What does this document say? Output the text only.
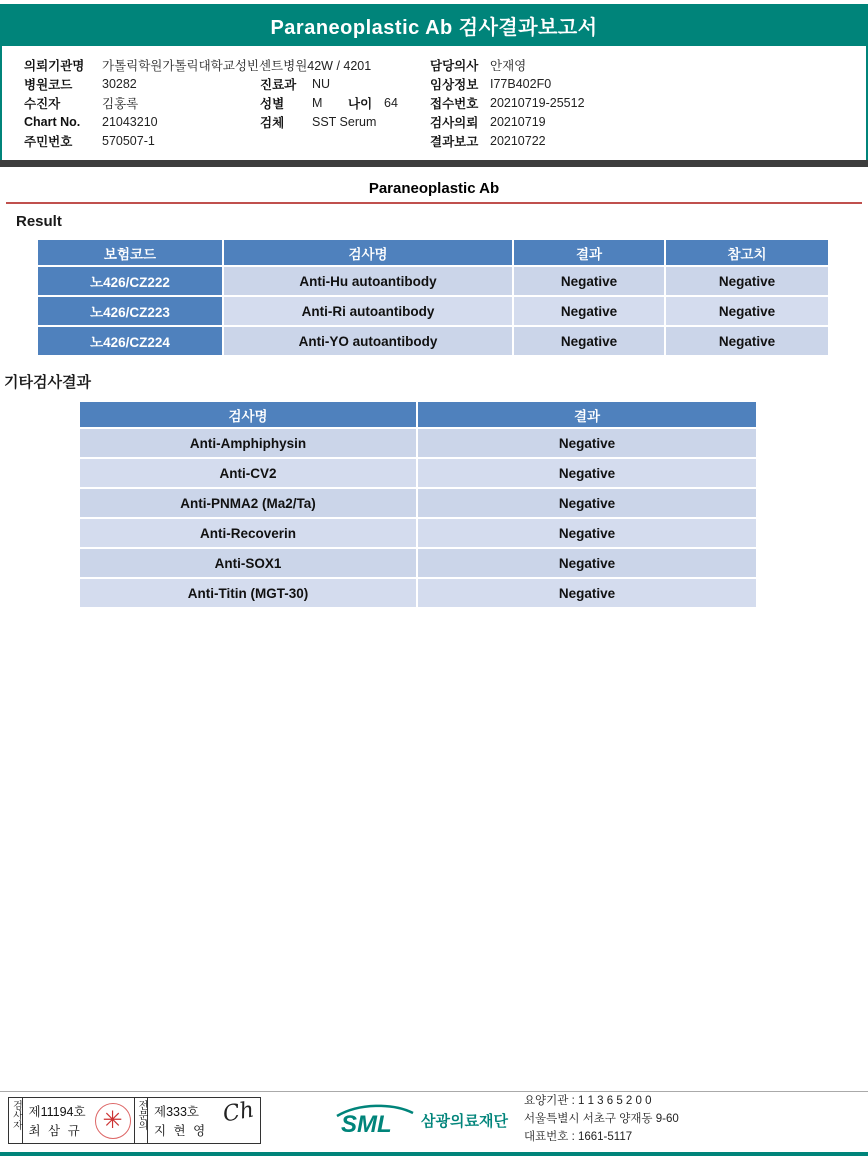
Paraneoplastic Ab 검사결과보고서
의뢰기관명	가톨릭학원가톨릭대학교성빈센트병원42W / 4201
병원코드	30282
수진자	김홍록
Chart No.	21043210
주민번호	570507-1
진료과	NU
성별	M	나이 64
검체	SST Serum
담당의사 안재영
임상정보 I77B402F0
접수번호 20210719-25512
검사의뢰 20210719
결과보고 20210722
Paraneoplastic Ab
Result
보험코드	검사명	결과	참고치
노426/CZ222	Anti-Hu autoantibody	Negative	Negative
노426/CZ223	Anti-Ri autoantibody	Negative	Negative
노426/CZ224	Anti-YO autoantibody	Negative	Negative
기타검사결과
검사명	결과
Anti-Amphiphysin	Negative
Anti-CV2	Negative
Anti-PNMA2 (Ma2/Ta)	Negative
Anti-Recoverin	Negative
Anti-SOX1	Negative
Anti-Titin (MGT-30)	Negative
검사자 제11194호
최 삼 규 ✳	전문의 제333호
지 현 영
Ch	SML 삼광의료재단
요양기관 : 1 1 3 6 5 2 0 0
서울특별시 서초구 양재동 9-60
대표번호 : 1661-5117
